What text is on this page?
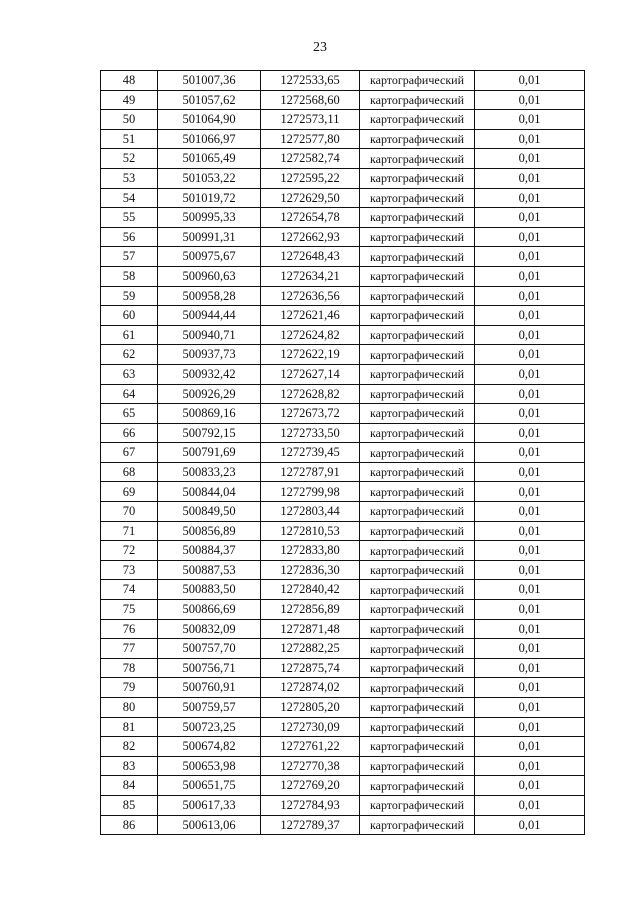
23
48	501007,36	1272533,65	картографический	0,01
49	501057,62	1272568,60	картографический	0,01
50	501064,90	1272573,11	картографический	0,01
51	501066,97	1272577,80	картографический	0,01
52	501065,49	1272582,74	картографический	0,01
53	501053,22	1272595,22	картографический	0,01
54	501019,72	1272629,50	картографический	0,01
55	500995,33	1272654,78	картографический	0,01
56	500991,31	1272662,93	картографический	0,01
57	500975,67	1272648,43	картографический	0,01
58	500960,63	1272634,21	картографический	0,01
59	500958,28	1272636,56	картографический	0,01
60	500944,44	1272621,46	картографический	0,01
61	500940,71	1272624,82	картографический	0,01
62	500937,73	1272622,19	картографический	0,01
63	500932,42	1272627,14	картографический	0,01
64	500926,29	1272628,82	картографический	0,01
65	500869,16	1272673,72	картографический	0,01
66	500792,15	1272733,50	картографический	0,01
67	500791,69	1272739,45	картографический	0,01
68	500833,23	1272787,91	картографический	0,01
69	500844,04	1272799,98	картографический	0,01
70	500849,50	1272803,44	картографический	0,01
71	500856,89	1272810,53	картографический	0,01
72	500884,37	1272833,80	картографический	0,01
73	500887,53	1272836,30	картографический	0,01
74	500883,50	1272840,42	картографический	0,01
75	500866,69	1272856,89	картографический	0,01
76	500832,09	1272871,48	картографический	0,01
77	500757,70	1272882,25	картографический	0,01
78	500756,71	1272875,74	картографический	0,01
79	500760,91	1272874,02	картографический	0,01
80	500759,57	1272805,20	картографический	0,01
81	500723,25	1272730,09	картографический	0,01
82	500674,82	1272761,22	картографический	0,01
83	500653,98	1272770,38	картографический	0,01
84	500651,75	1272769,20	картографический	0,01
85	500617,33	1272784,93	картографический	0,01
86	500613,06	1272789,37	картографический	0,01
